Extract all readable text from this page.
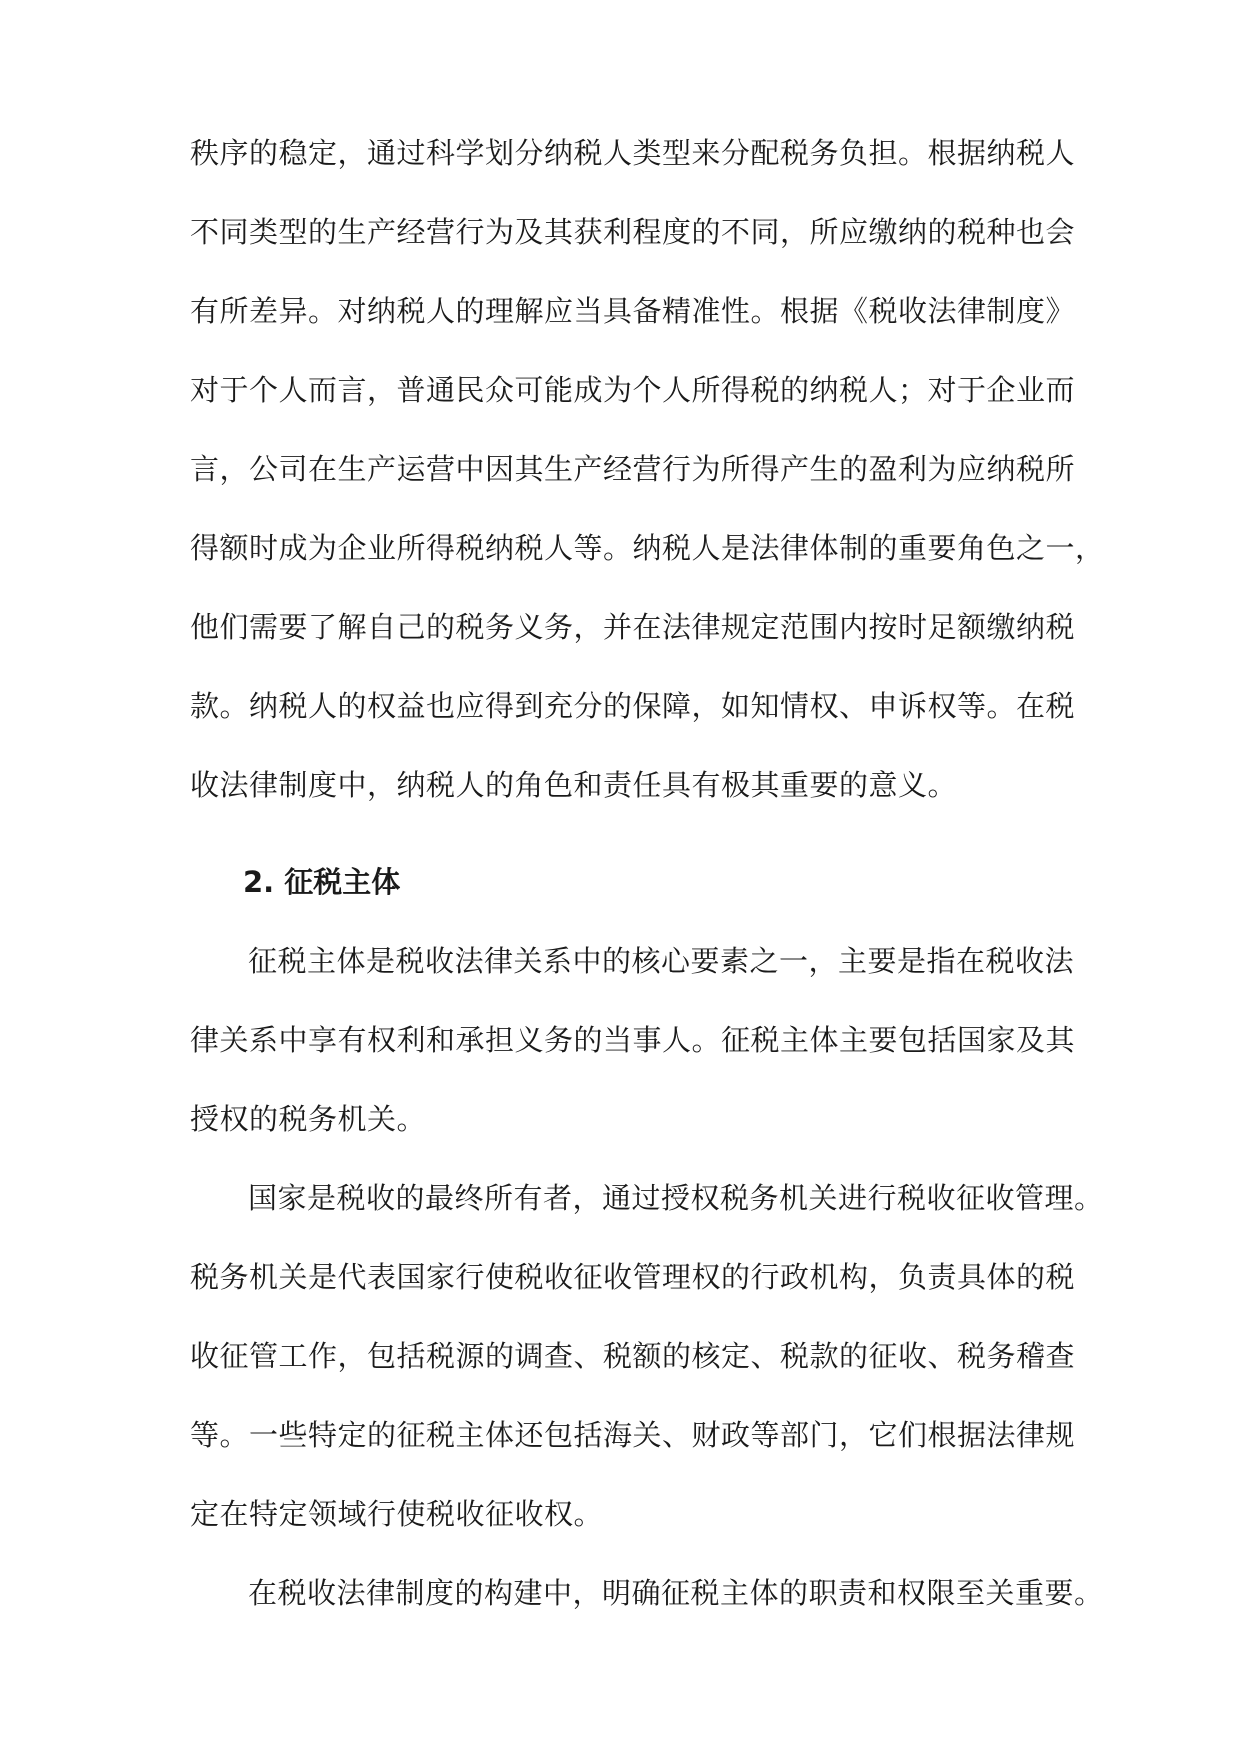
秩序的稳定，通过科学划分纳税人类型来分配税务负担。根据纳税人
不同类型的生产经营行为及其获利程度的不同，所应缴纳的税种也会
有所差异。对纳税人的理解应当具备精准性。根据《税收法律制度》
对于个人而言，普通民众可能成为个人所得税的纳税人；对于企业而
言，公司在生产运营中因其生产经营行为所得产生的盈利为应纳税所
得额时成为企业所得税纳税人等。纳税人是法律体制的重要角色之一，
他们需要了解自己的税务义务，并在法律规定范围内按时足额缴纳税
款。纳税人的权益也应得到充分的保障，如知情权、申诉权等。在税
收法律制度中，纳税人的角色和责任具有极其重要的意义。
2. 征税主体
征税主体是税收法律关系中的核心要素之一，主要是指在税收法
律关系中享有权利和承担义务的当事人。征税主体主要包括国家及其
授权的税务机关。
国家是税收的最终所有者，通过授权税务机关进行税收征收管理。
税务机关是代表国家行使税收征收管理权的行政机构，负责具体的税
收征管工作，包括税源的调查、税额的核定、税款的征收、税务稽查
等。一些特定的征税主体还包括海关、财政等部门，它们根据法律规
定在特定领域行使税收征收权。
在税收法律制度的构建中，明确征税主体的职责和权限至关重要。
